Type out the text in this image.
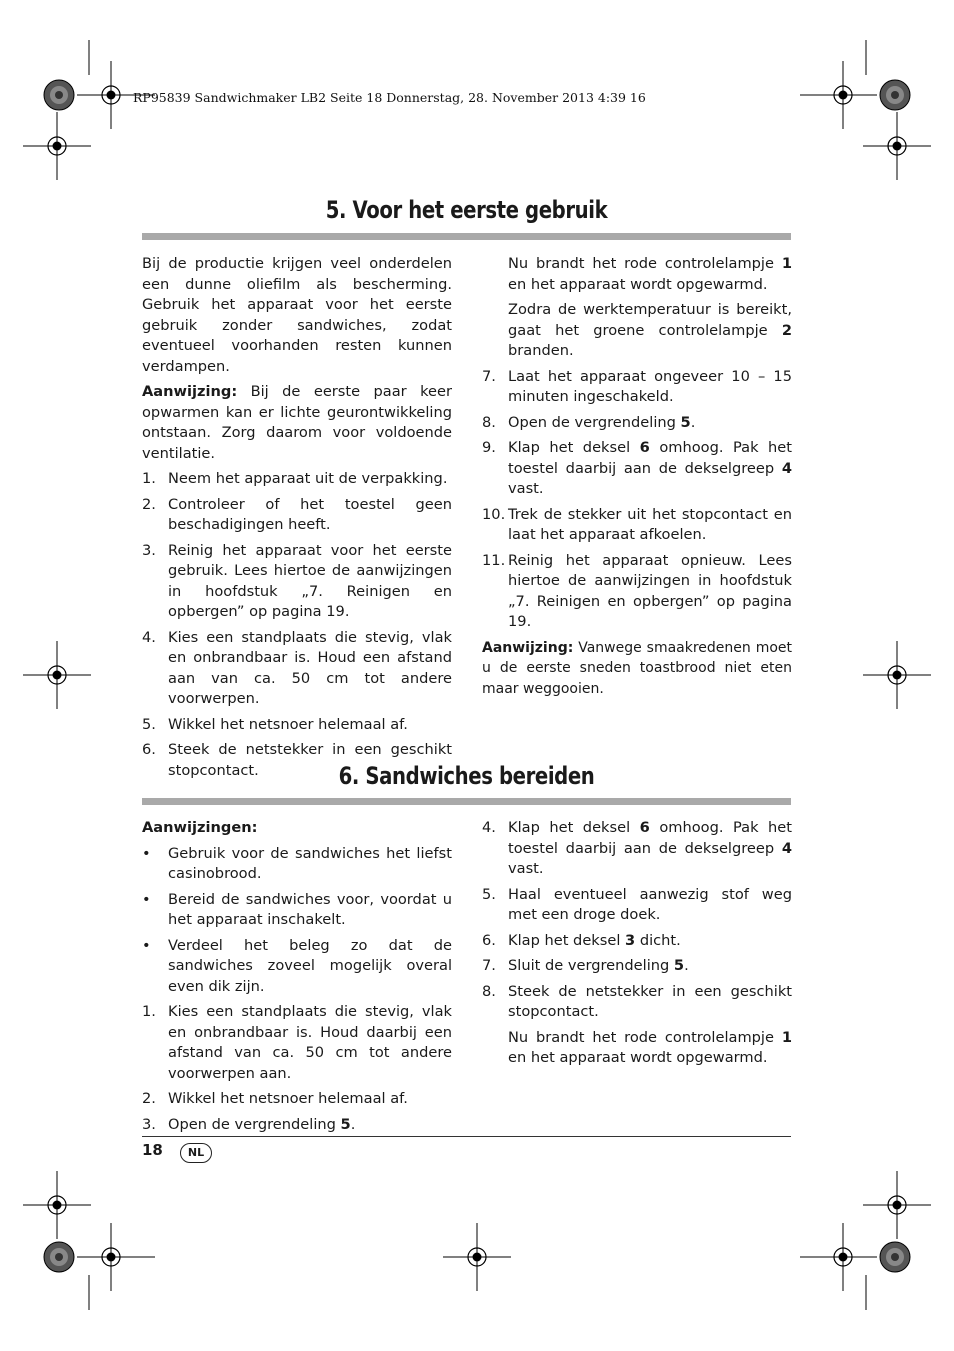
RP95839 Sandwichmaker LB2 Seite 18 Donnerstag, 28. November 2013 4:39 16
5. Voor het eerste gebruik

Bij de productie krijgen veel onderdelen een dunne oliefilm als bescherming. Gebruik het apparaat voor het eerste gebruik zonder sandwiches, zodat eventueel voorhanden resten kunnen verdampen.

Aanwijzing: Bij de eerste paar keer opwarmen kan er lichte geurontwikkeling ontstaan. Zorg daarom voor voldoende ventilatie.

1. Neem het apparaat uit de verpakking.
2. Controleer of het toestel geen beschadigingen heeft.
3. Reinig het apparaat voor het eerste gebruik. Lees hiertoe de aanwijzingen in hoofdstuk „7. Reinigen en opbergen” op pagina 19.
4. Kies een standplaats die stevig, vlak en onbrandbaar is. Houd een afstand aan van ca. 50 cm tot andere voorwerpen.
5. Wikkel het netsnoer helemaal af.
6. Steek de netstekker in een geschikt stopcontact.
Nu brandt het rode controlelampje 1 en het apparaat wordt opgewarmd.
Zodra de werktemperatuur is bereikt, gaat het groene controlelampje 2 branden.
7. Laat het apparaat ongeveer 10 – 15 minuten ingeschakeld.
8. Open de vergrendeling 5.
9. Klap het deksel 6 omhoog. Pak het toestel daarbij aan de dekselgreep 4 vast.
10. Trek de stekker uit het stopcontact en laat het apparaat afkoelen.
11. Reinig het apparaat opnieuw. Lees hiertoe de aanwijzingen in hoofdstuk „7. Reinigen en opbergen” op pagina 19.

Aanwijzing: Vanwege smaakredenen moet u de eerste sneden toastbrood niet eten maar weggooien.

6. Sandwiches bereiden

Aanwijzingen:

• Gebruik voor de sandwiches het liefst casinobrood.
• Bereid de sandwiches voor, voordat u het apparaat inschakelt.
• Verdeel het beleg zo dat de sandwiches zoveel mogelijk overal even dik zijn.
1. Kies een standplaats die stevig, vlak en onbrandbaar is. Houd daarbij een afstand van ca. 50 cm tot andere voorwerpen aan.
2. Wikkel het netsnoer helemaal af.
3. Open de vergrendeling 5.
4. Klap het deksel 6 omhoog. Pak het toestel daarbij aan de dekselgreep 4 vast.
5. Haal eventueel aanwezig stof weg met een droge doek.
6. Klap het deksel 3 dicht.
7. Sluit de vergrendeling 5.
8. Steek de netstekker in een geschikt stopcontact.
Nu brandt het rode controlelampje 1 en het apparaat wordt opgewarmd.
18	NL
